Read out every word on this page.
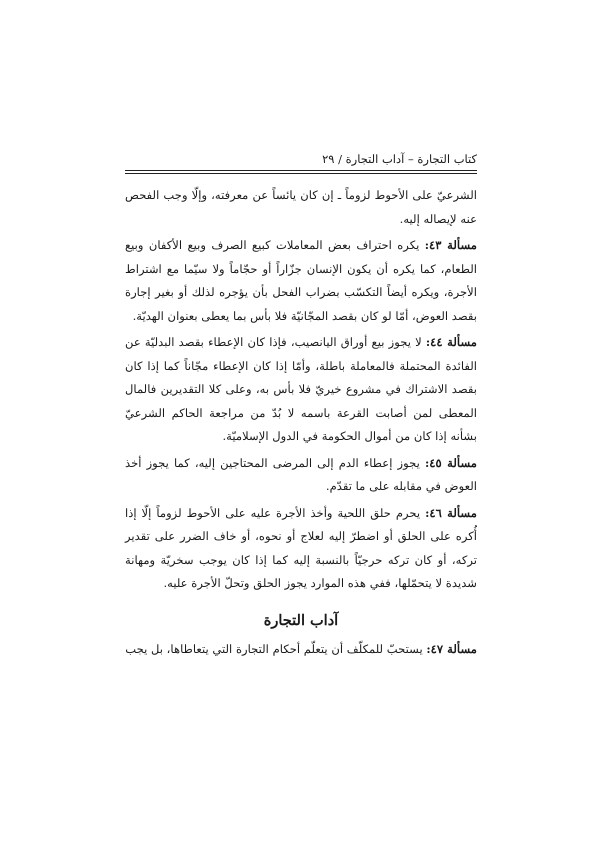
كتاب التجارة – آداب التجارة / ٢٩

الشرعيّ على الأحوط لزوماً ـ إن كان يائساً عن معرفته، وإلّا وجب الفحص عنه لإيصاله إليه.

مسألة ٤٣: يكره احتراف بعض المعاملات كبيع الصرف وبيع الأكفان وبيع الطعام، كما يكره أن يكون الإنسان جزّاراً أو حجّاماً ولا سيّما مع اشتراط الأجرة، ويكره أيضاً التكسّب بضراب الفحل بأن يؤجره لذلك أو بغير إجارة بقصد العوض، أمّا لو كان بقصد المجّانيّة فلا بأس بما يعطى بعنوان الهديّة.

مسألة ٤٤: لا يجوز بيع أوراق اليانصيب، فإذا كان الإعطاء بقصد البدليّة عن الفائدة المحتملة فالمعاملة باطلة، وأمّا إذا كان الإعطاء مجّاناً كما إذا كان بقصد الاشتراك في مشروع خيريّ فلا بأس به، وعلى كلا التقديرين فالمال المعطى لمن أصابت القرعة باسمه لا بُدّ من مراجعة الحاكم الشرعيّ بشأنه إذا كان من أموال الحكومة في الدول الإسلاميّة.

مسألة ٤٥: يجوز إعطاء الدم إلى المرضى المحتاجين إليه، كما يجوز أخذ العوض في مقابله على ما تقدّم.

مسألة ٤٦: يحرم حلق اللحية وأخذ الأجرة عليه على الأحوط لزوماً إلّا إذا أُكره على الحلق أو اضطرّ إليه لعلاج أو نحوه، أو خاف الضرر على تقدير تركه، أو كان تركه حرجيّاً بالنسبة إليه كما إذا كان يوجب سخريّة ومهانة شديدة لا يتحمّلها، ففي هذه الموارد يجوز الحلق وتحلّ الأجرة عليه.

آداب التجارة

مسألة ٤٧: يستحبّ للمكلّف أن يتعلّم أحكام التجارة التي يتعاطاها، بل يجب
